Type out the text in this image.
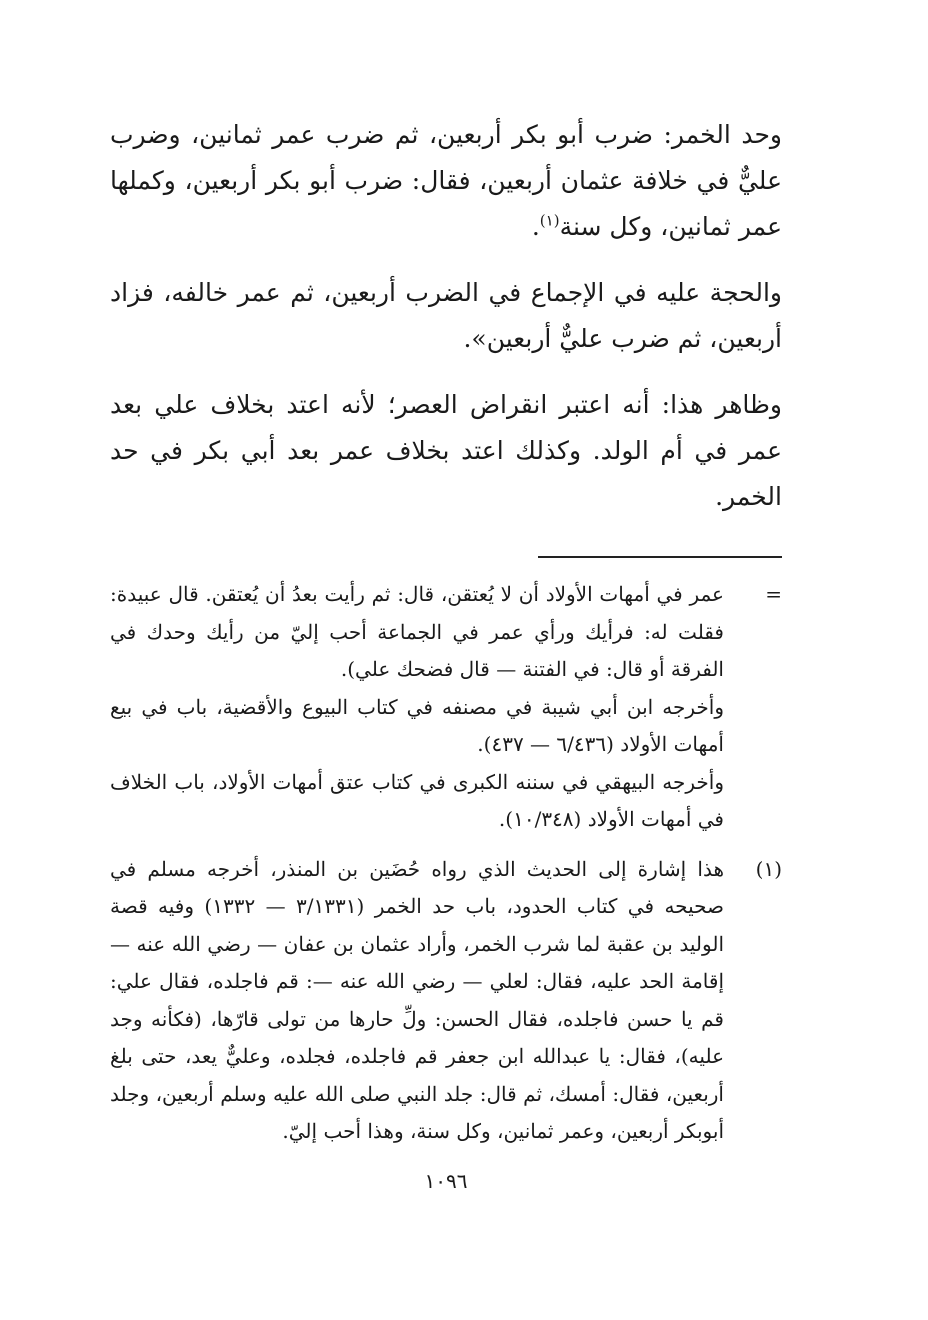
وحد الخمر: ضرب أبو بكر أربعين، ثم ضرب عمر ثمانين، وضرب عليٌّ في خلافة عثمان أربعين، فقال: ضرب أبو بكر أربعين، وكملها عمر ثمانين، وكل سنة$^{(١)}$.

والحجة عليه في الإجماع في الضرب أربعين، ثم عمر خالفه، فزاد أربعين، ثم ضرب عليٌّ أربعين».

وظاهر هذا: أنه اعتبر انقراض العصر؛ لأنه اعتد بخلاف علي بعد عمر في أم الولد. وكذلك اعتد بخلاف عمر بعد أبي بكر في حد الخمر.

=

عمر في أمهات الأولاد أن لا يُعتقن، قال: ثم رأيت بعدُ أن يُعتقن. قال عبيدة: فقلت له: فرأيك ورأي عمر في الجماعة أحب إليّ من رأيك وحدك في الفرقة أو قال: في الفتنة — قال فضحك علي).

وأخرجه ابن أبي شيبة في مصنفه في كتاب البيوع والأقضية، باب في بيع أمهات الأولاد (٦/٤٣٦ — ٤٣٧).

وأخرجه البيهقي في سننه الكبرى في كتاب عتق أمهات الأولاد، باب الخلاف في أمهات الأولاد (١٠/٣٤٨).

(١)

هذا إشارة إلى الحديث الذي رواه حُضَين بن المنذر، أخرجه مسلم في صحيحه في كتاب الحدود، باب حد الخمر (٣/١٣٣١ — ١٣٣٢) وفيه قصة الوليد بن عقبة لما شرب الخمر، وأراد عثمان بن عفان — رضي الله عنه — إقامة الحد عليه، فقال: لعلي — رضي الله عنه —: قم فاجلده، فقال علي: قم يا حسن فاجلده، فقال الحسن: ولِّ حارها من تولى قارّها، (فكأنه وجد عليه)، فقال: يا عبدالله ابن جعفر قم فاجلده، فجلده، وعليٌّ يعد، حتى بلغ أربعين، فقال: أمسك، ثم قال: جلد النبي صلى الله عليه وسلم أربعين، وجلد أبوبكر أربعين، وعمر ثمانين، وكل سنة، وهذا أحب إليّ.

١٠٩٦
